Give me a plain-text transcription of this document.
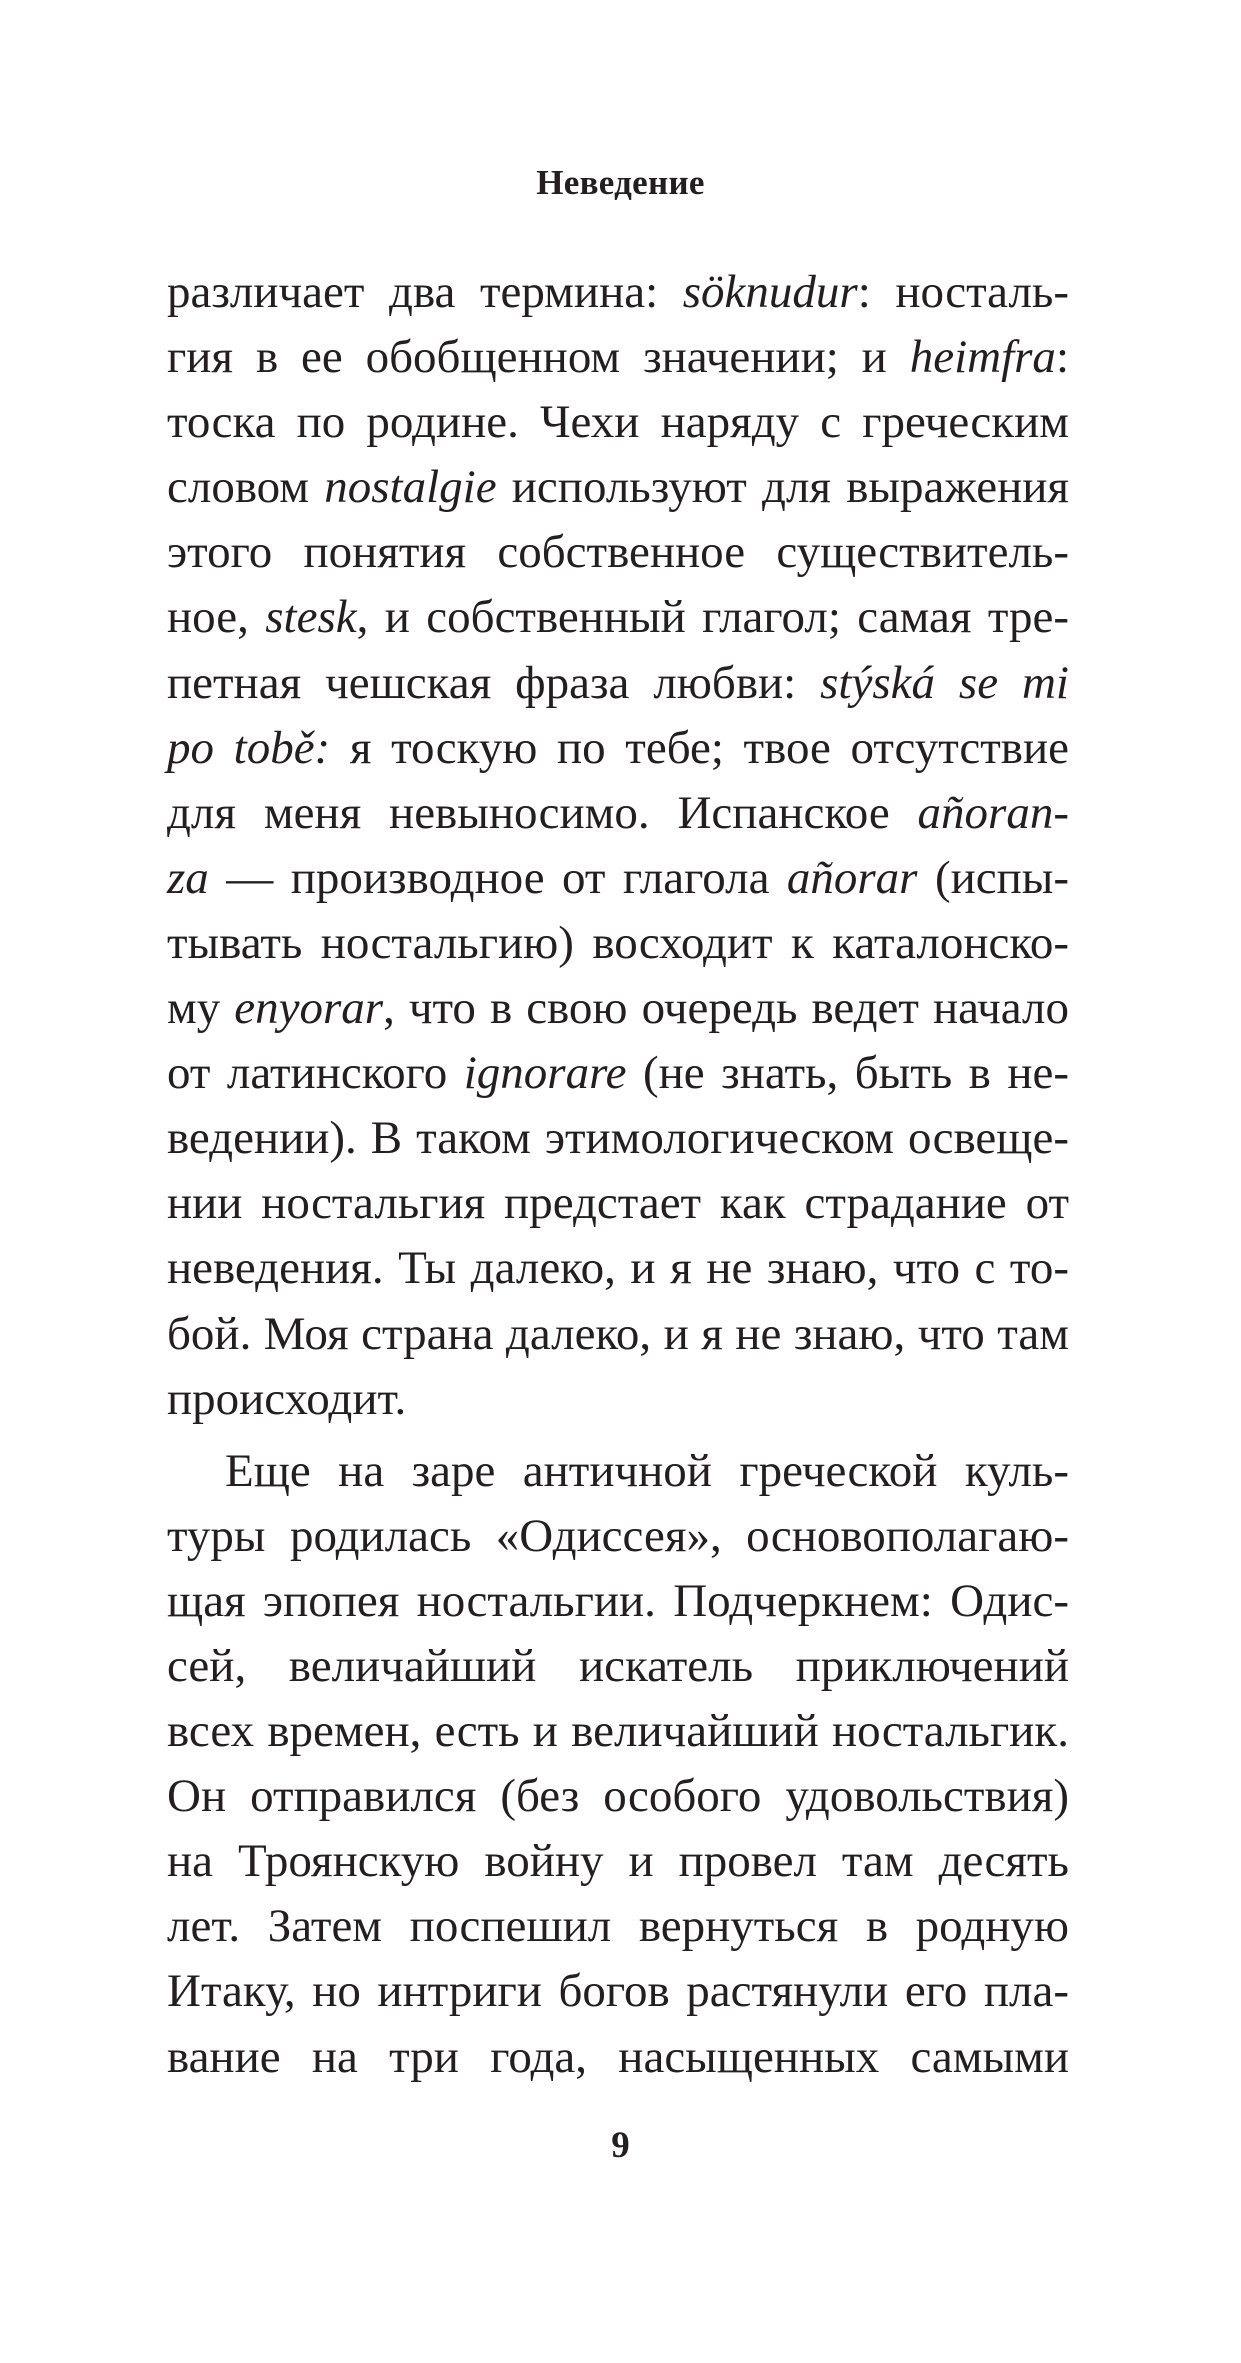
Неведение
различает два термина: söknudur: носталь-
гия в ее обобщенном значении; и heimfra:
тоска по родине. Чехи наряду с греческим
словом nostalgie используют для выражения
этого понятия собственное существитель-
ное, stesk, и собственный глагол; самая тре-
петная чешская фраза любви: stýská se mi
po tobě: я тоскую по тебе; твое отсутствие
для меня невыносимо. Испанское añoran-
za — производное от глагола añorar (испы-
тывать ностальгию) восходит к каталонско-
му enyorar, что в свою очередь ведет начало
от латинского ignorare (не знать, быть в не-
ведении). В таком этимологическом освеще-
нии ностальгия предстает как страдание от
неведения. Ты далеко, и я не знаю, что с то-
бой. Моя страна далеко, и я не знаю, что там
происходит.
Еще на заре античной греческой куль-
туры родилась «Одиссея», основополагаю-
щая эпопея ностальгии. Подчеркнем: Одис-
сей, величайший искатель приключений
всех времен, есть и величайший ностальгик.
Он отправился (без особого удовольствия)
на Троянскую войну и провел там десять
лет. Затем поспешил вернуться в родную
Итаку, но интриги богов растянули его пла-
вание на три года, насыщенных самыми
9
